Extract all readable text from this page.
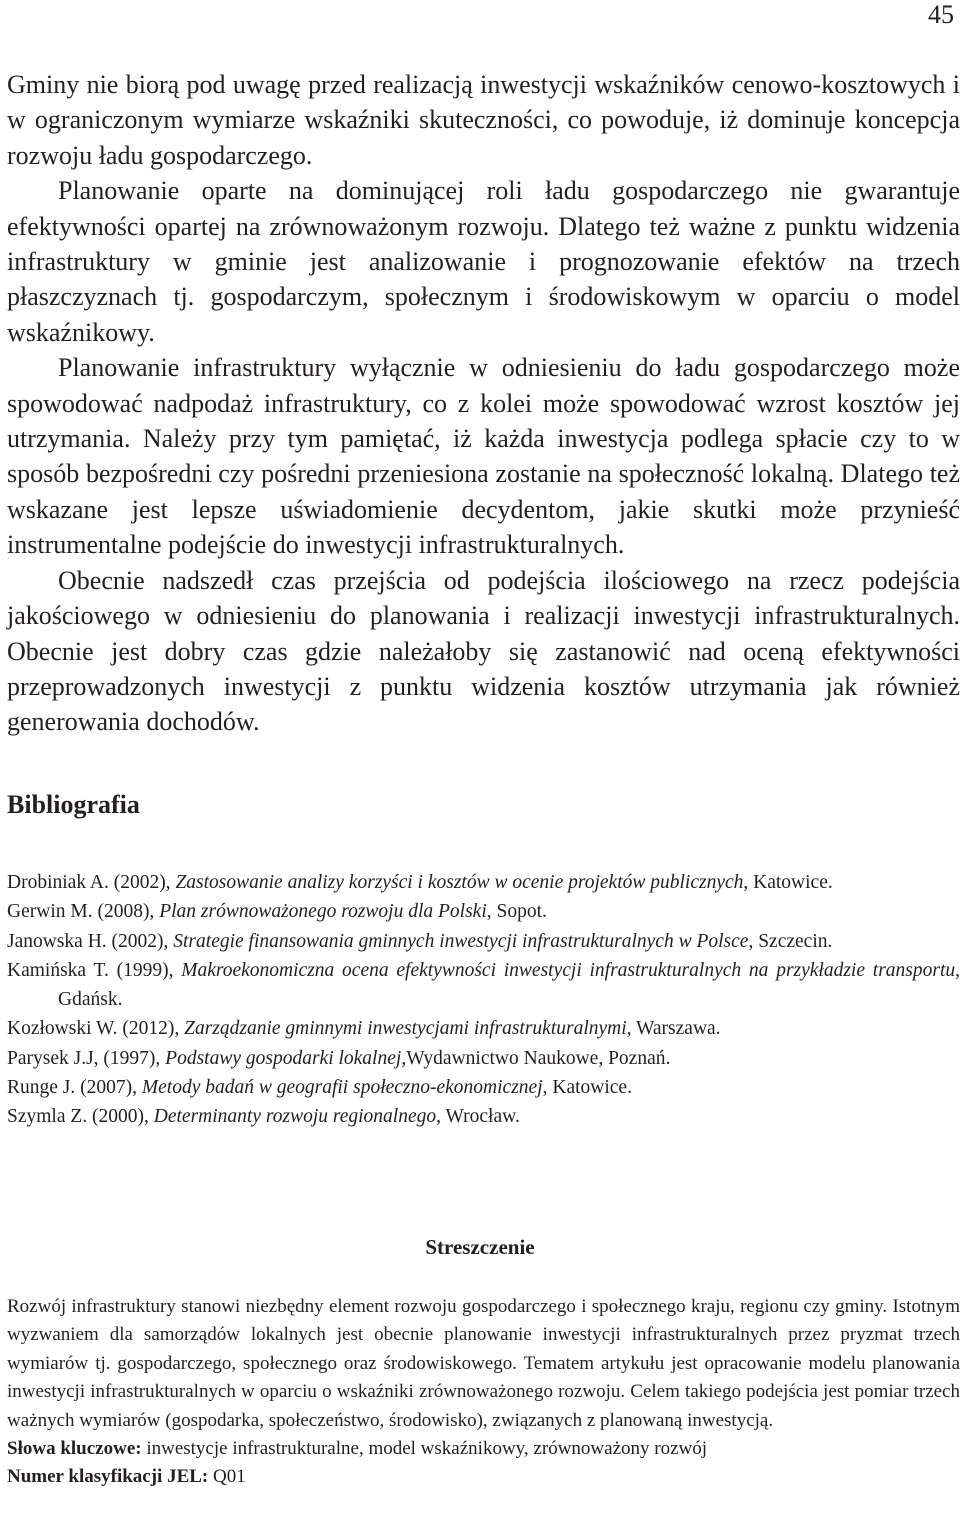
45

Gminy nie biorą pod uwagę przed realizacją inwestycji wskaźników cenowo-kosztowych i w ograniczonym wymiarze wskaźniki skuteczności, co powoduje, iż dominuje koncepcja rozwoju ładu gospodarczego.

Planowanie oparte na dominującej roli ładu gospodarczego nie gwarantuje efektywności opartej na zrównoważonym rozwoju. Dlatego też ważne z punktu widzenia infrastruktury w gminie jest analizowanie i prognozowanie efektów na trzech płaszczyznach tj. gospodarczym, społecznym i środowiskowym w oparciu o model wskaźnikowy.

Planowanie infrastruktury wyłącznie w odniesieniu do ładu gospodarczego może spowodować nadpodaż infrastruktury, co z kolei może spowodować wzrost kosztów jej utrzymania. Należy przy tym pamiętać, iż każda inwestycja podlega spłacie czy to w sposób bezpośredni czy pośredni przeniesiona zostanie na społeczność lokalną. Dlatego też wskazane jest lepsze uświadomienie decydentom, jakie skutki może przynieść instrumentalne podejście do inwestycji infrastrukturalnych.

Obecnie nadszedł czas przejścia od podejścia ilościowego na rzecz podejścia jakościowego w odniesieniu do planowania i realizacji inwestycji infrastrukturalnych. Obecnie jest dobry czas gdzie należałoby się zastanowić nad oceną efektywności przeprowadzonych inwestycji z punktu widzenia kosztów utrzymania jak również generowania dochodów.

Bibliografia
Drobiniak A. (2002), Zastosowanie analizy korzyści i kosztów w ocenie projektów publicznych, Katowice.
Gerwin M. (2008), Plan zrównoważonego rozwoju dla Polski, Sopot.
Janowska H. (2002), Strategie finansowania gminnych inwestycji infrastrukturalnych w Polsce, Szczecin.
Kamińska T. (1999), Makroekonomiczna ocena efektywności inwestycji infrastrukturalnych na przykładzie transportu, Gdańsk.
Kozłowski W. (2012), Zarządzanie gminnymi inwestycjami infrastrukturalnymi, Warszawa.
Parysek J.J, (1997), Podstawy gospodarki lokalnej,Wydawnictwo Naukowe, Poznań.
Runge J. (2007), Metody badań w geografii społeczno-ekonomicznej, Katowice.
Szymla Z. (2000), Determinanty rozwoju regionalnego, Wrocław.
Streszczenie

Rozwój infrastruktury stanowi niezbędny element rozwoju gospodarczego i społecznego kraju, regionu czy gminy. Istotnym wyzwaniem dla samorządów lokalnych jest obecnie planowanie inwestycji infrastrukturalnych przez pryzmat trzech wymiarów tj. gospodarczego, społecznego oraz środowiskowego. Tematem artykułu jest opracowanie modelu planowania inwestycji infrastrukturalnych w oparciu o wskaźniki zrównoważonego rozwoju. Celem takiego podejścia jest pomiar trzech ważnych wymiarów (gospodarka, społeczeństwo, środowisko), związanych z planowaną inwestycją.

Słowa kluczowe: inwestycje infrastrukturalne, model wskaźnikowy, zrównoważony rozwój

Numer klasyfikacji JEL: Q01
